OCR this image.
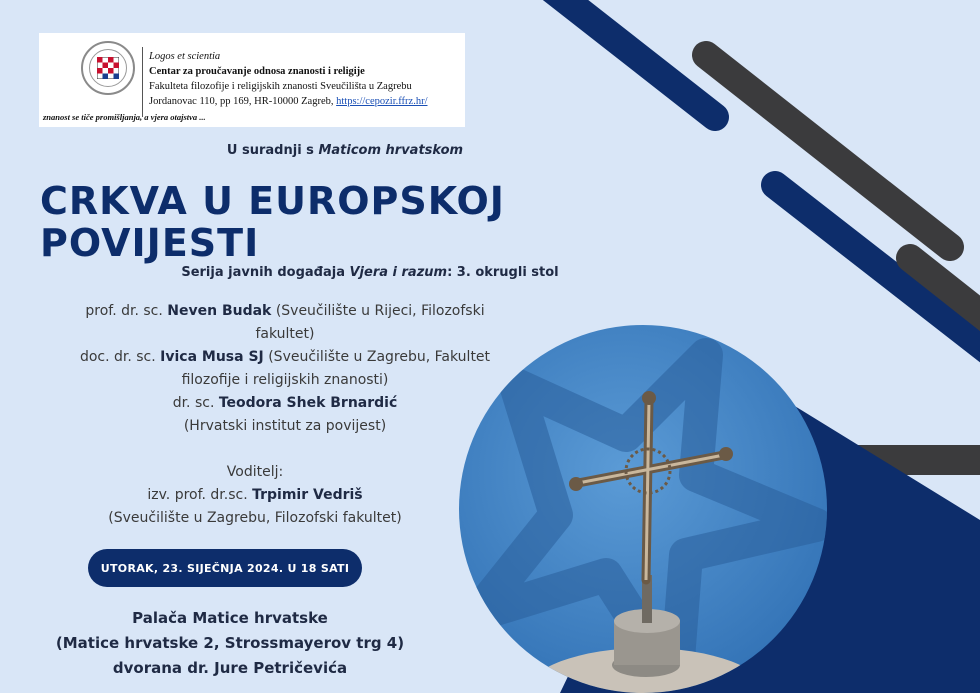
Logos et scientia
Centar za proučavanje odnosa znanosti i religije
Fakulteta filozofije i religijskih znanosti Sveučilišta u Zagrebu
Jordanovac 110, pp 169, HR-10000 Zagreb, https://cepozir.ffrz.hr/
znanost se tiče promišljanja, a vjera otajstva ...
U suradnji s Maticom hrvatskom
CRKVA U EUROPSKOJ
POVIJESTI
Serija javnih događaja Vjera i razum: 3. okrugli stol
prof. dr. sc. Neven Budak (Sveučilište u Rijeci, Filozofski fakultet)
doc. dr. sc. Ivica Musa SJ (Sveučilište u Zagrebu, Fakultet filozofije i religijskih znanosti)
dr. sc. Teodora Shek Brnardić (Hrvatski institut za povijest)
Voditelj:
izv. prof. dr.sc. Trpimir Vedriš
(Sveučilište u Zagrebu, Filozofski fakultet)
UTORAK, 23. SIJEČNJA 2024. U 18 SATI
Palača Matice hrvatske
(Matice hrvatske 2, Strossmayerov trg 4)
dvorana dr. Jure Petričevića
